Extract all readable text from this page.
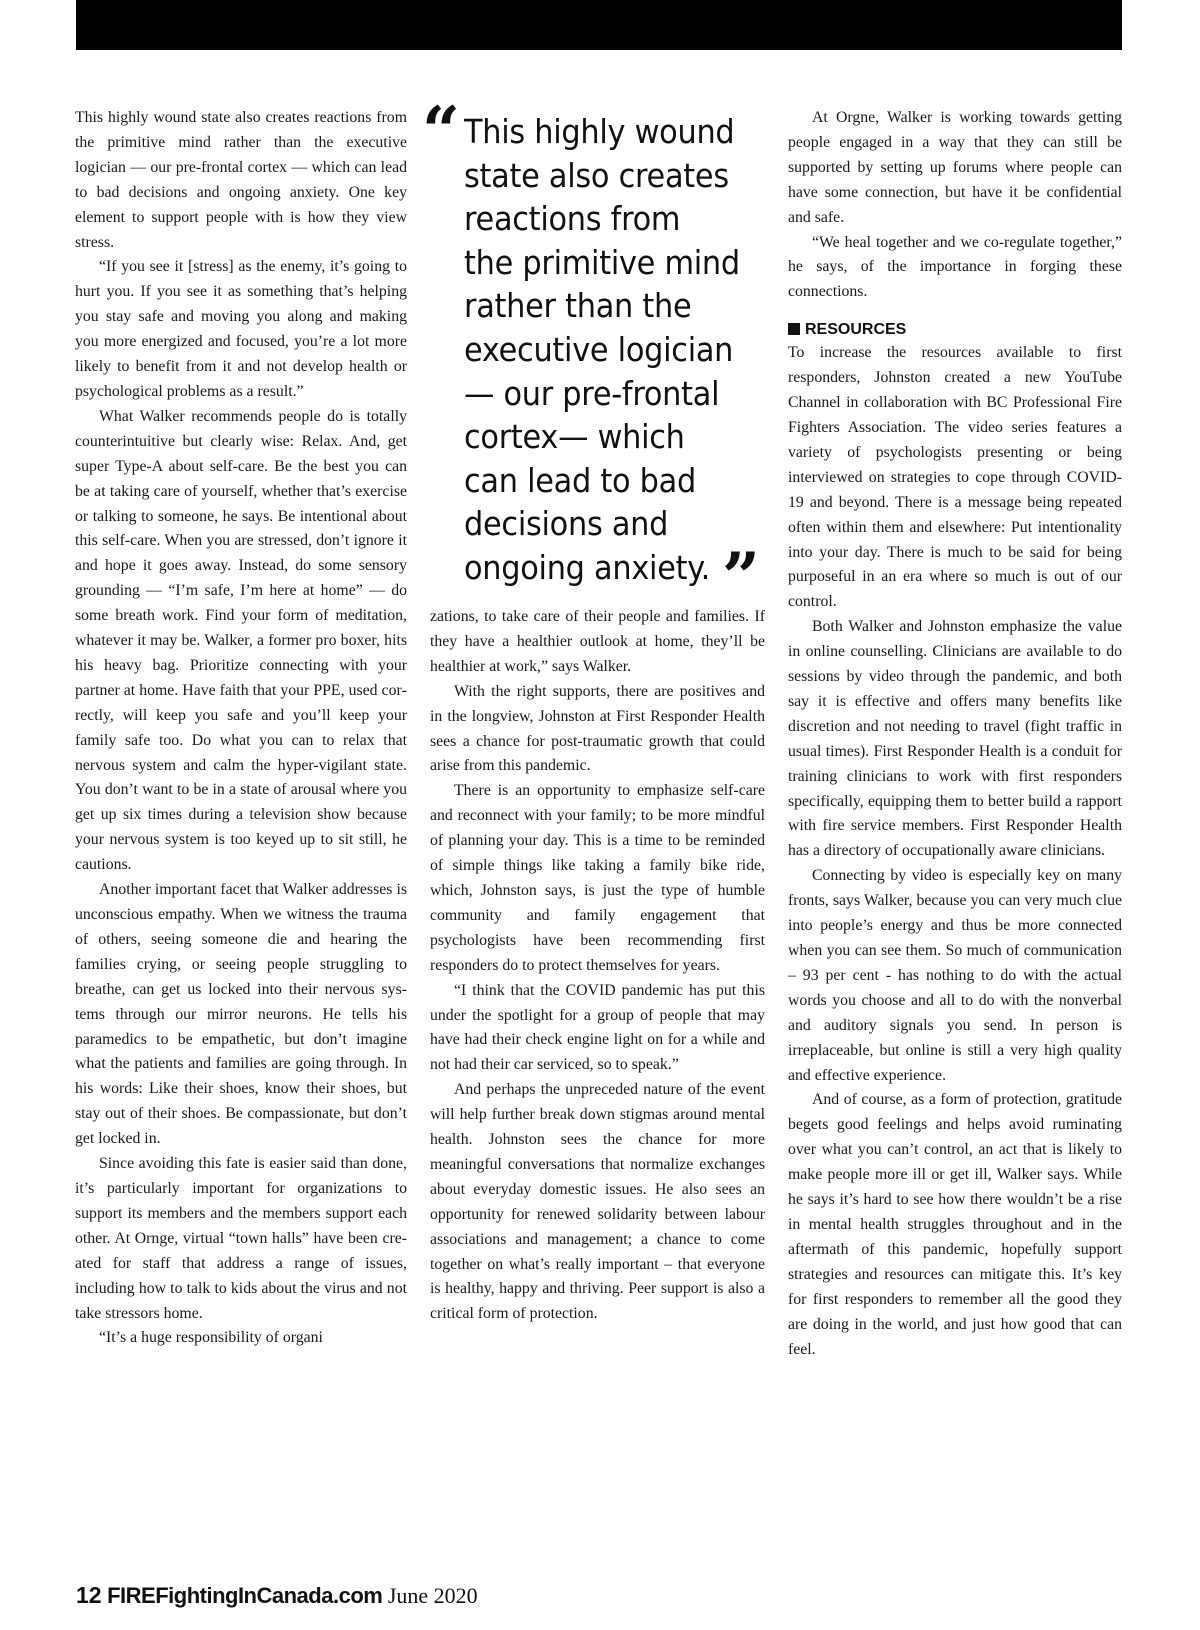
This highly wound state also creates reactions from the primitive mind rather than the executive logician — our pre-frontal cortex — which can lead to bad decisions and ongoing anxiety. One key element to support people with is how they view stress.

“If you see it [stress] as the enemy, it’s going to hurt you. If you see it as something that’s helping you stay safe and moving you along and making you more energized and focused, you’re a lot more likely to benefit from it and not develop health or psychological problems as a result.”

What Walker recommends people do is totally counterintuitive but clearly wise: Relax. And, get super Type-A about self-care. Be the best you can be at taking care of yourself, whether that’s exercise or talking to someone, he says. Be intentional about this self-care. When you are stressed, don’t ignore it and hope it goes away. Instead, do some sensory grounding — “I’m safe, I’m here at home” — do some breath work. Find your form of meditation, whatever it may be. Walker, a former pro boxer, hits his heavy bag. Prioritize connecting with your partner at home. Have faith that your PPE, used correctly, will keep you safe and you’ll keep your family safe too. Do what you can to relax that nervous system and calm the hyper-vigilant state. You don’t want to be in a state of arousal where you get up six times during a television show because your nervous system is too keyed up to sit still, he cautions.

Another important facet that Walker addresses is unconscious empathy. When we witness the trauma of others, seeing someone die and hearing the families crying, or seeing people struggling to breathe, can get us locked into their nervous systems through our mirror neurons. He tells his paramedics to be empathetic, but don’t imagine what the patients and families are going through. In his words: Like their shoes, know their shoes, but stay out of their shoes. Be compassionate, but don’t get locked in.

Since avoiding this fate is easier said than done, it’s particularly important for organizations to support its members and the members support each other. At Ornge, virtual “town halls” have been created for staff that address a range of issues, including how to talk to kids about the virus and not take stressors home.

“It’s a huge responsibility of organi

“ This highly wound
state also creates
reactions from
the primitive mind
rather than the
executive logician
— our pre-frontal
cortex— which
can lead to bad
decisions and
ongoing anxiety. ”

zations, to take care of their people and families. If they have a healthier outlook at home, they’ll be healthier at work,” says Walker.

With the right supports, there are positives and in the longview, Johnston at First Responder Health sees a chance for post-traumatic growth that could arise from this pandemic.

There is an opportunity to emphasize self-care and reconnect with your family; to be more mindful of planning your day. This is a time to be reminded of simple things like taking a family bike ride, which, Johnston says, is just the type of humble community and family engagement that psychologists have been recommending first responders do to protect themselves for years.

“I think that the COVID pandemic has put this under the spotlight for a group of people that may have had their check engine light on for a while and not had their car serviced, so to speak.”

And perhaps the unpreceded nature of the event will help further break down stigmas around mental health. Johnston sees the chance for more meaningful conversations that normalize exchanges about everyday domestic issues. He also sees an opportunity for renewed solidarity between labour associations and management; a chance to come together on what’s really important – that everyone is healthy, happy and thriving. Peer support is also a critical form of protection.

At Orgne, Walker is working towards getting people engaged in a way that they can still be supported by setting up forums where people can have some connection, but have it be confidential and safe.

“We heal together and we co-regulate together,” he says, of the importance in forging these connections.

RESOURCES

To increase the resources available to first responders, Johnston created a new YouTube Channel in collaboration with BC Professional Fire Fighters Association. The video series features a variety of psychologists presenting or being interviewed on strategies to cope through COVID-19 and beyond. There is a message being repeated often within them and elsewhere: Put intentionality into your day. There is much to be said for being purposeful in an era where so much is out of our control.

Both Walker and Johnston emphasize the value in online counselling. Clinicians are available to do sessions by video through the pandemic, and both say it is effective and offers many benefits like discretion and not needing to travel (fight traffic in usual times). First Responder Health is a conduit for training clinicians to work with first responders specifically, equipping them to better build a rapport with fire service members. First Responder Health has a directory of occupationally aware clinicians.

Connecting by video is especially key on many fronts, says Walker, because you can very much clue into people’s energy and thus be more connected when you can see them. So much of communication – 93 per cent - has nothing to do with the actual words you choose and all to do with the nonverbal and auditory signals you send. In person is irreplaceable, but online is still a very high quality and effective experience.

And of course, as a form of protection, gratitude begets good feelings and helps avoid ruminating over what you can’t control, an act that is likely to make people more ill or get ill, Walker says. While he says it’s hard to see how there wouldn’t be a rise in mental health struggles throughout and in the aftermath of this pandemic, hopefully support strategies and resources can mitigate this. It’s key for first responders to remember all the good they are doing in the world, and just how good that can feel.

12 FIREFightingInCanada.com June 2020
